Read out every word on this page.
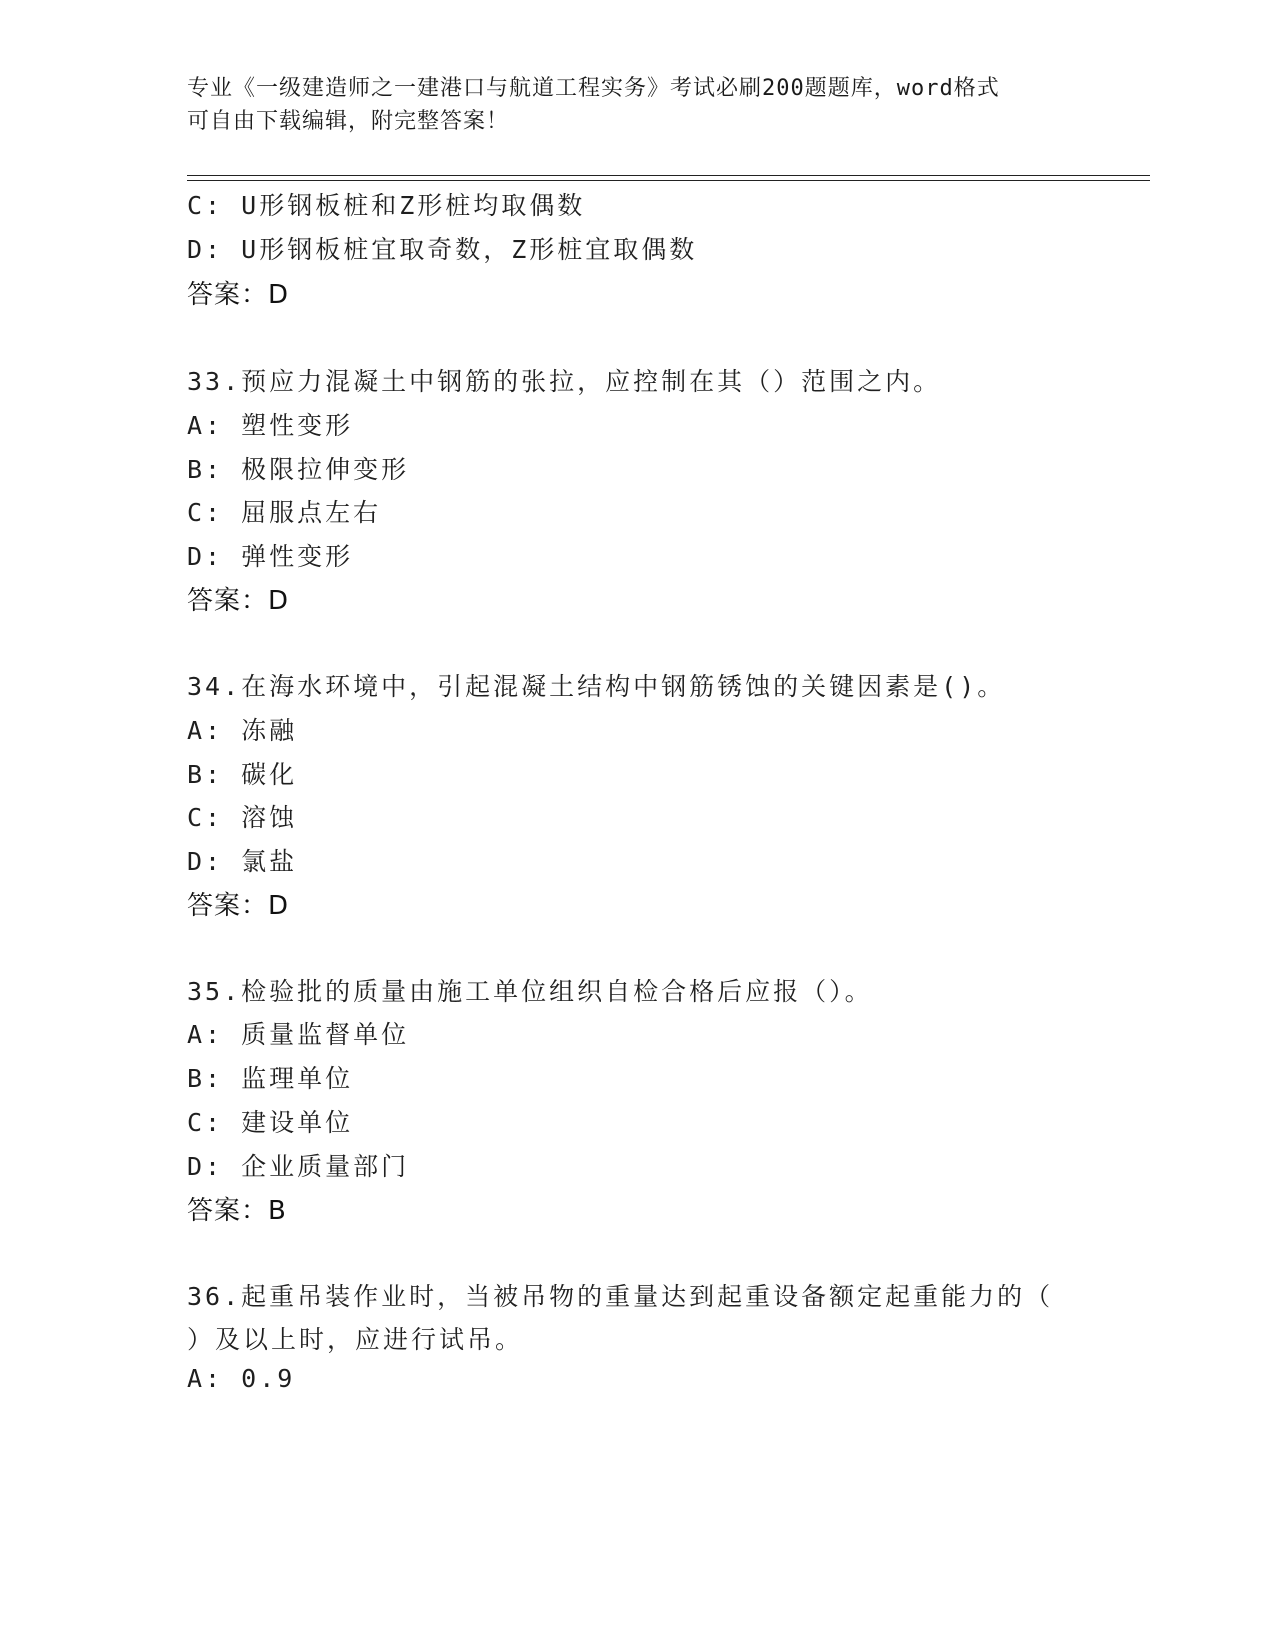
专业《一级建造师之一建港口与航道工程实务》考试必刷200题题库，word格式
可自由下载编辑，附完整答案！
C: U形钢板桩和Z形桩均取偶数
D: U形钢板桩宜取奇数，Z形桩宜取偶数
答案：D
33.预应力混凝土中钢筋的张拉，应控制在其（）范围之内。
A: 塑性变形
B: 极限拉伸变形
C: 屈服点左右
D: 弹性变形
答案：D
34.在海水环境中，引起混凝土结构中钢筋锈蚀的关键因素是()。
A: 冻融
B: 碳化
C: 溶蚀
D: 氯盐
答案：D
35.检验批的质量由施工单位组织自检合格后应报（）。
A: 质量监督单位
B: 监理单位
C: 建设单位
D: 企业质量部门
答案：B
36.起重吊装作业时，当被吊物的重量达到起重设备额定起重能力的（
）及以上时，应进行试吊。
A: 0.9
